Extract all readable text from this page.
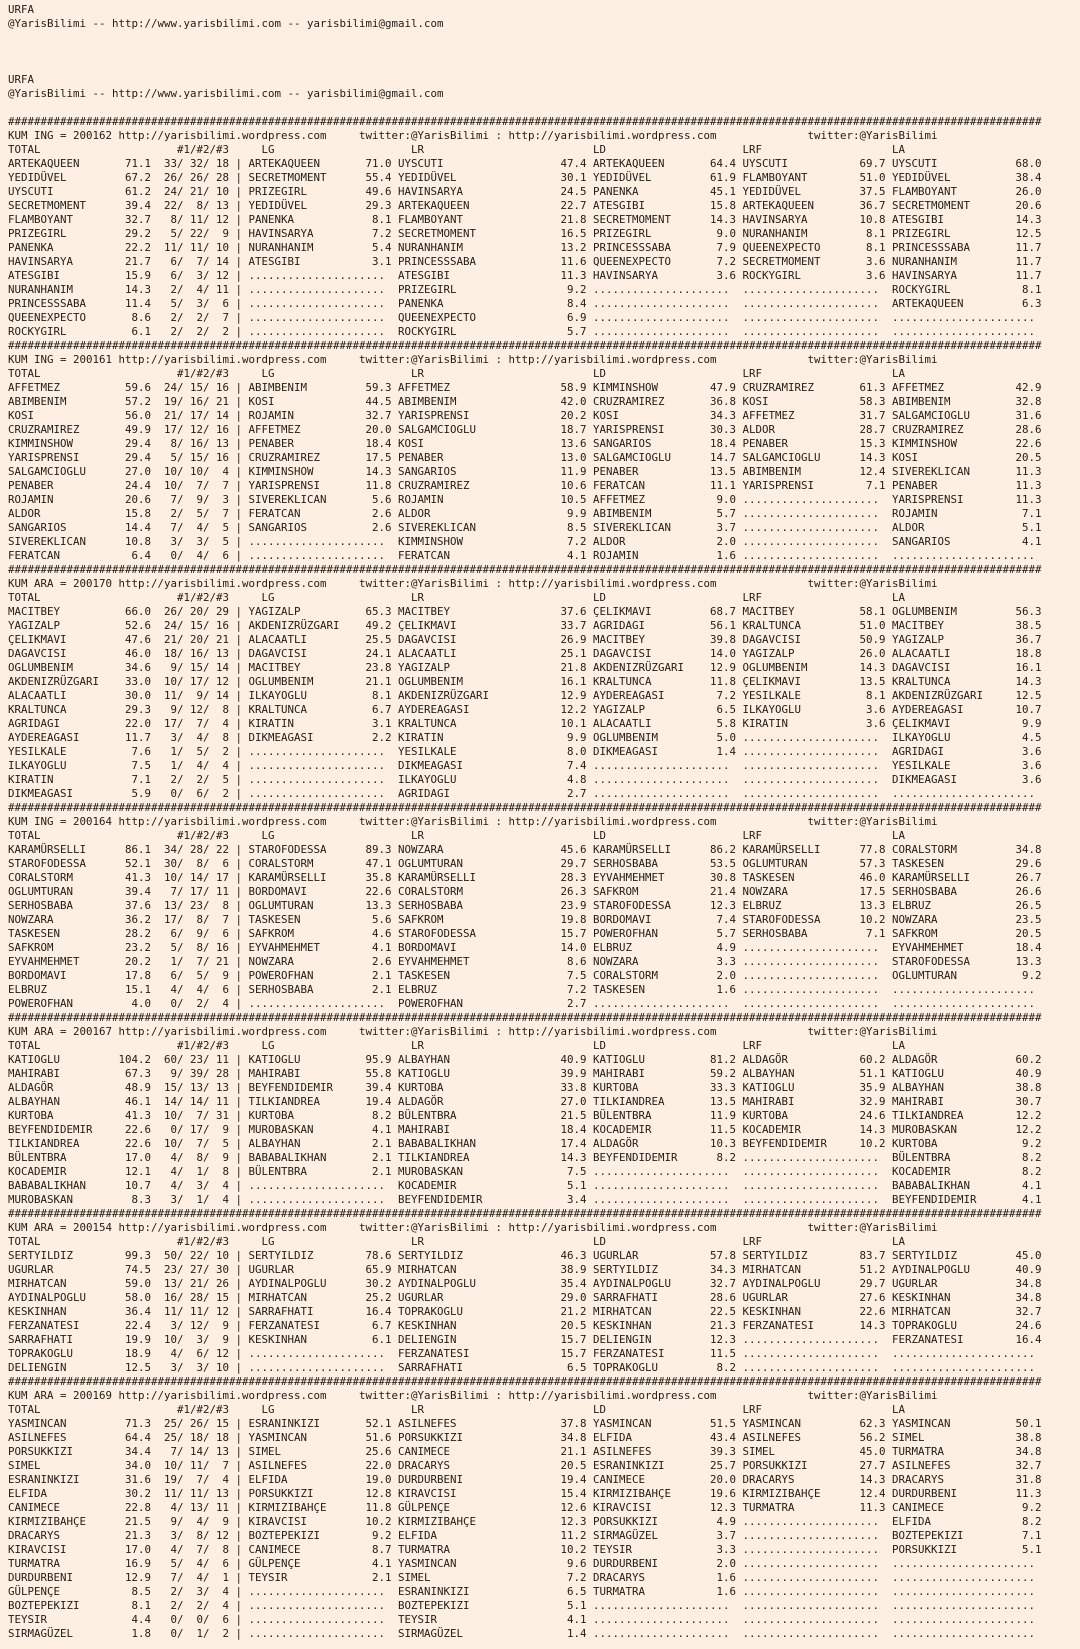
URFA
@YarisBilimi -- http://www.yarisbilimi.com -- yarisbilimi@gmail.com

URFA
@YarisBilimi -- http://www.yarisbilimi.com -- yarisbilimi@gmail.com

###############################################################################################################################################################
KUM ING = 200162 http://yarisbilimi.wordpress.com     twitter:@YarisBilimi : http://yarisbilimi.wordpress.com              twitter:@YarisBilimi
TOTAL                     #1/#2/#3     LG                     LR                          LD                     LRF                    LA
ARTEKAQUEEN       71.1  33/ 32/ 18 | ARTEKAQUEEN       71.0 UYSCUTI                  47.4 ARTEKAQUEEN       64.4 UYSCUTI           69.7 UYSCUTI            68.0
YEDIDÜVEL         67.2  26/ 26/ 28 | SECRETMOMENT      55.4 YEDIDÜVEL                30.1 YEDIDÜVEL         61.9 FLAMBOYANT        51.0 YEDIDÜVEL          38.4
UYSCUTI           61.2  24/ 21/ 10 | PRIZEGIRL         49.6 HAVINSARYA               24.5 PANENKA           45.1 YEDIDÜVEL         37.5 FLAMBOYANT         26.0
SECRETMOMENT      39.4  22/  8/ 13 | YEDIDÜVEL         29.3 ARTEKAQUEEN              22.7 ATESGIBI          15.8 ARTEKAQUEEN       36.7 SECRETMOMENT       20.6
FLAMBOYANT        32.7   8/ 11/ 12 | PANENKA            8.1 FLAMBOYANT               21.8 SECRETMOMENT      14.3 HAVINSARYA        10.8 ATESGIBI           14.3
PRIZEGIRL         29.2   5/ 22/  9 | HAVINSARYA         7.2 SECRETMOMENT             16.5 PRIZEGIRL          9.0 NURANHANIM         8.1 PRIZEGIRL          12.5
PANENKA           22.2  11/ 11/ 10 | NURANHANIM         5.4 NURANHANIM               13.2 PRINCESSSABA       7.9 QUEENEXPECTO       8.1 PRINCESSSABA       11.7
HAVINSARYA        21.7   6/  7/ 14 | ATESGIBI           3.1 PRINCESSSABA             11.6 QUEENEXPECTO       7.2 SECRETMOMENT       3.6 NURANHANIM         11.7
ATESGIBI          15.9   6/  3/ 12 | .....................  ATESGIBI                 11.3 HAVINSARYA         3.6 ROCKYGIRL          3.6 HAVINSARYA         11.7
NURANHANIM        14.3   2/  4/ 11 | .....................  PRIZEGIRL                 9.2 .....................  .....................  ROCKYGIRL           8.1
PRINCESSSABA      11.4   5/  3/  6 | .....................  PANENKA                   8.4 .....................  .....................  ARTEKAQUEEN         6.3
QUEENEXPECTO       8.6   2/  2/  7 | .....................  QUEENEXPECTO              6.9 .....................  .....................  ......................
ROCKYGIRL          6.1   2/  2/  2 | .....................  ROCKYGIRL                 5.7 .....................  .....................  ......................
###############################################################################################################################################################
KUM ING = 200161 http://yarisbilimi.wordpress.com     twitter:@YarisBilimi : http://yarisbilimi.wordpress.com              twitter:@YarisBilimi
TOTAL                     #1/#2/#3     LG                     LR                          LD                     LRF                    LA
AFFETMEZ          59.6  24/ 15/ 16 | ABIMBENIM         59.3 AFFETMEZ                 58.9 KIMMINSHOW        47.9 CRUZRAMIREZ       61.3 AFFETMEZ           42.9
ABIMBENIM         57.2  19/ 16/ 21 | KOSI              44.5 ABIMBENIM                42.0 CRUZRAMIREZ       36.8 KOSI              58.3 ABIMBENIM          32.8
KOSI              56.0  21/ 17/ 14 | ROJAMIN           32.7 YARISPRENSI              20.2 KOSI              34.3 AFFETMEZ          31.7 SALGAMCIOGLU       31.6
CRUZRAMIREZ       49.9  17/ 12/ 16 | AFFETMEZ          20.0 SALGAMCIOGLU             18.7 YARISPRENSI       30.3 ALDOR             28.7 CRUZRAMIREZ        28.6
KIMMINSHOW        29.4   8/ 16/ 13 | PENABER           18.4 KOSI                     13.6 SANGARIOS         18.4 PENABER           15.3 KIMMINSHOW         22.6
YARISPRENSI       29.4   5/ 15/ 16 | CRUZRAMIREZ       17.5 PENABER                  13.0 SALGAMCIOGLU      14.7 SALGAMCIOGLU      14.3 KOSI               20.5
SALGAMCIOGLU      27.0  10/ 10/  4 | KIMMINSHOW        14.3 SANGARIOS                11.9 PENABER           13.5 ABIMBENIM         12.4 SIVEREKLICAN       11.3
PENABER           24.4  10/  7/  7 | YARISPRENSI       11.8 CRUZRAMIREZ              10.6 FERATCAN          11.1 YARISPRENSI        7.1 PENABER            11.3
ROJAMIN           20.6   7/  9/  3 | SIVEREKLICAN       5.6 ROJAMIN                  10.5 AFFETMEZ           9.0 .....................  YARISPRENSI        11.3
ALDOR             15.8   2/  5/  7 | FERATCAN           2.6 ALDOR                     9.9 ABIMBENIM          5.7 .....................  ROJAMIN             7.1
SANGARIOS         14.4   7/  4/  5 | SANGARIOS          2.6 SIVEREKLICAN              8.5 SIVEREKLICAN       3.7 .....................  ALDOR               5.1
SIVEREKLICAN      10.8   3/  3/  5 | .....................  KIMMINSHOW                7.2 ALDOR              2.0 .....................  SANGARIOS           4.1
FERATCAN           6.4   0/  4/  6 | .....................  FERATCAN                  4.1 ROJAMIN            1.6 .....................  ......................
###############################################################################################################################################################
KUM ARA = 200170 http://yarisbilimi.wordpress.com     twitter:@YarisBilimi : http://yarisbilimi.wordpress.com              twitter:@YarisBilimi
TOTAL                     #1/#2/#3     LG                     LR                          LD                     LRF                    LA
MACITBEY          66.0  26/ 20/ 29 | YAGIZALP          65.3 MACITBEY                 37.6 ÇELIKMAVI         68.7 MACITBEY          58.1 OGLUMBENIM         56.3
YAGIZALP          52.6  24/ 15/ 16 | AKDENIZRÜZGARI    49.2 ÇELIKMAVI                33.7 AGRIDAGI          56.1 KRALTUNCA         51.0 MACITBEY           38.5
ÇELIKMAVI         47.6  21/ 20/ 21 | ALACAATLI         25.5 DAGAVCISI                26.9 MACITBEY          39.8 DAGAVCISI         50.9 YAGIZALP           36.7
DAGAVCISI         46.0  18/ 16/ 13 | DAGAVCISI         24.1 ALACAATLI                25.1 DAGAVCISI         14.0 YAGIZALP          26.0 ALACAATLI          18.8
OGLUMBENIM        34.6   9/ 15/ 14 | MACITBEY          23.8 YAGIZALP                 21.8 AKDENIZRÜZGARI    12.9 OGLUMBENIM        14.3 DAGAVCISI          16.1
AKDENIZRÜZGARI    33.0  10/ 17/ 12 | OGLUMBENIM        21.1 OGLUMBENIM               16.1 KRALTUNCA         11.8 ÇELIKMAVI         13.5 KRALTUNCA          14.3
ALACAATLI         30.0  11/  9/ 14 | ILKAYOGLU          8.1 AKDENIZRÜZGARI           12.9 AYDEREAGASI        7.2 YESILKALE          8.1 AKDENIZRÜZGARI     12.5
KRALTUNCA         29.3   9/ 12/  8 | KRALTUNCA          6.7 AYDEREAGASI              12.2 YAGIZALP           6.5 ILKAYOGLU          3.6 AYDEREAGASI        10.7
AGRIDAGI          22.0  17/  7/  4 | KIRATIN            3.1 KRALTUNCA                10.1 ALACAATLI          5.8 KIRATIN            3.6 ÇELIKMAVI           9.9
AYDEREAGASI       11.7   3/  4/  8 | DIKMEAGASI         2.2 KIRATIN                   9.9 OGLUMBENIM         5.0 .....................  ILKAYOGLU           4.5
YESILKALE          7.6   1/  5/  2 | .....................  YESILKALE                 8.0 DIKMEAGASI         1.4 .....................  AGRIDAGI            3.6
ILKAYOGLU          7.5   1/  4/  4 | .....................  DIKMEAGASI                7.4 .....................  .....................  YESILKALE           3.6
KIRATIN            7.1   2/  2/  5 | .....................  ILKAYOGLU                 4.8 .....................  .....................  DIKMEAGASI          3.6
DIKMEAGASI         5.9   0/  6/  2 | .....................  AGRIDAGI                  2.7 .....................  .....................  ......................
###############################################################################################################################################################
KUM ING = 200164 http://yarisbilimi.wordpress.com     twitter:@YarisBilimi : http://yarisbilimi.wordpress.com              twitter:@YarisBilimi
TOTAL                     #1/#2/#3     LG                     LR                          LD                     LRF                    LA
KARAMÜRSELLI      86.1  34/ 28/ 22 | STAROFODESSA      89.3 NOWZARA                  45.6 KARAMÜRSELLI      86.2 KARAMÜRSELLI      77.8 CORALSTORM         34.8
STAROFODESSA      52.1  30/  8/  6 | CORALSTORM        47.1 OGLUMTURAN               29.7 SERHOSBABA        53.5 OGLUMTURAN        57.3 TASKESEN           29.6
CORALSTORM        41.3  10/ 14/ 17 | KARAMÜRSELLI      35.8 KARAMÜRSELLI             28.3 EYVAHMEHMET       30.8 TASKESEN          46.0 KARAMÜRSELLI       26.7
OGLUMTURAN        39.4   7/ 17/ 11 | BORDOMAVI         22.6 CORALSTORM               26.3 SAFKROM           21.4 NOWZARA           17.5 SERHOSBABA         26.6
SERHOSBABA        37.6  13/ 23/  8 | OGLUMTURAN        13.3 SERHOSBABA               23.9 STAROFODESSA      12.3 ELBRUZ            13.3 ELBRUZ             26.5
NOWZARA           36.2  17/  8/  7 | TASKESEN           5.6 SAFKROM                  19.8 BORDOMAVI          7.4 STAROFODESSA      10.2 NOWZARA            23.5
TASKESEN          28.2   6/  9/  6 | SAFKROM            4.6 STAROFODESSA             15.7 POWEROFHAN         5.7 SERHOSBABA         7.1 SAFKROM            20.5
SAFKROM           23.2   5/  8/ 16 | EYVAHMEHMET        4.1 BORDOMAVI                14.0 ELBRUZ             4.9 .....................  EYVAHMEHMET        18.4
EYVAHMEHMET       20.2   1/  7/ 21 | NOWZARA            2.6 EYVAHMEHMET               8.6 NOWZARA            3.3 .....................  STAROFODESSA       13.3
BORDOMAVI         17.8   6/  5/  9 | POWEROFHAN         2.1 TASKESEN                  7.5 CORALSTORM         2.0 .....................  OGLUMTURAN          9.2
ELBRUZ            15.1   4/  4/  6 | SERHOSBABA         2.1 ELBRUZ                    7.2 TASKESEN           1.6 .....................  ......................
POWEROFHAN         4.0   0/  2/  4 | .....................  POWEROFHAN                2.7 .....................  .....................  ......................
###############################################################################################################################################################
KUM ARA = 200167 http://yarisbilimi.wordpress.com     twitter:@YarisBilimi : http://yarisbilimi.wordpress.com              twitter:@YarisBilimi
TOTAL                     #1/#2/#3     LG                     LR                          LD                     LRF                    LA
KATIOGLU         104.2  60/ 23/ 11 | KATIOGLU          95.9 ALBAYHAN                 40.9 KATIOGLU          81.2 ALDAGÖR           60.2 ALDAGÖR            60.2
MAHIRABI          67.3   9/ 39/ 28 | MAHIRABI          55.8 KATIOGLU                 39.9 MAHIRABI          59.2 ALBAYHAN          51.1 KATIOGLU           40.9
ALDAGÖR           48.9  15/ 13/ 13 | BEYFENDIDEMIR     39.4 KURTOBA                  33.8 KURTOBA           33.3 KATIOGLU          35.9 ALBAYHAN           38.8
ALBAYHAN          46.1  14/ 14/ 11 | TILKIANDREA       19.4 ALDAGÖR                  27.0 TILKIANDREA       13.5 MAHIRABI          32.9 MAHIRABI           30.7
KURTOBA           41.3  10/  7/ 31 | KURTOBA            8.2 BÜLENTBRA                21.5 BÜLENTBRA         11.9 KURTOBA           24.6 TILKIANDREA        12.2
BEYFENDIDEMIR     22.6   0/ 17/  9 | MUROBASKAN         4.1 MAHIRABI                 18.4 KOCADEMIR         11.5 KOCADEMIR         14.3 MUROBASKAN         12.2
TILKIANDREA       22.6  10/  7/  5 | ALBAYHAN           2.1 BABABALIKHAN             17.4 ALDAGÖR           10.3 BEYFENDIDEMIR     10.2 KURTOBA             9.2
BÜLENTBRA         17.0   4/  8/  9 | BABABALIKHAN       2.1 TILKIANDREA              14.3 BEYFENDIDEMIR      8.2 .....................  BÜLENTBRA           8.2
KOCADEMIR         12.1   4/  1/  8 | BÜLENTBRA          2.1 MUROBASKAN                7.5 .....................  .....................  KOCADEMIR           8.2
BABABALIKHAN      10.7   4/  3/  4 | .....................  KOCADEMIR                 5.1 .....................  .....................  BABABALIKHAN        4.1
MUROBASKAN         8.3   3/  1/  4 | .....................  BEYFENDIDEMIR             3.4 .....................  .....................  BEYFENDIDEMIR       4.1
###############################################################################################################################################################
KUM ARA = 200154 http://yarisbilimi.wordpress.com     twitter:@YarisBilimi : http://yarisbilimi.wordpress.com              twitter:@YarisBilimi
TOTAL                     #1/#2/#3     LG                     LR                          LD                     LRF                    LA
SERTYILDIZ        99.3  50/ 22/ 10 | SERTYILDIZ        78.6 SERTYILDIZ               46.3 UGURLAR           57.8 SERTYILDIZ        83.7 SERTYILDIZ         45.0
UGURLAR           74.5  23/ 27/ 30 | UGURLAR           65.9 MIRHATCAN                38.9 SERTYILDIZ        34.3 MIRHATCAN         51.2 AYDINALPOGLU       40.9
MIRHATCAN         59.0  13/ 21/ 26 | AYDINALPOGLU      30.2 AYDINALPOGLU             35.4 AYDINALPOGLU      32.7 AYDINALPOGLU      29.7 UGURLAR            34.8
AYDINALPOGLU      58.0  16/ 28/ 15 | MIRHATCAN         25.2 UGURLAR                  29.0 SARRAFHATI        28.6 UGURLAR           27.6 KESKINHAN          34.8
KESKINHAN         36.4  11/ 11/ 12 | SARRAFHATI        16.4 TOPRAKOGLU               21.2 MIRHATCAN         22.5 KESKINHAN         22.6 MIRHATCAN          32.7
FERZANATESI       22.4   3/ 12/  9 | FERZANATESI        6.7 KESKINHAN                20.5 KESKINHAN         21.3 FERZANATESI       14.3 TOPRAKOGLU         24.6
SARRAFHATI        19.9  10/  3/  9 | KESKINHAN          6.1 DELIENGIN                15.7 DELIENGIN         12.3 .....................  FERZANATESI        16.4
TOPRAKOGLU        18.9   4/  6/ 12 | .....................  FERZANATESI              15.7 FERZANATESI       11.5 .....................  ......................
DELIENGIN         12.5   3/  3/ 10 | .....................  SARRAFHATI                6.5 TOPRAKOGLU         8.2 .....................  ......................
###############################################################################################################################################################
KUM ARA = 200169 http://yarisbilimi.wordpress.com     twitter:@YarisBilimi : http://yarisbilimi.wordpress.com              twitter:@YarisBilimi
TOTAL                     #1/#2/#3     LG                     LR                          LD                     LRF                    LA
YASMINCAN         71.3  25/ 26/ 15 | ESRANINKIZI       52.1 ASILNEFES                37.8 YASMINCAN         51.5 YASMINCAN         62.3 YASMINCAN          50.1
ASILNEFES         64.4  25/ 18/ 18 | YASMINCAN         51.6 PORSUKKIZI               34.8 ELFIDA            43.4 ASILNEFES         56.2 SIMEL              38.8
PORSUKKIZI        34.4   7/ 14/ 13 | SIMEL             25.6 CANIMECE                 21.1 ASILNEFES         39.3 SIMEL             45.0 TURMATRA           34.8
SIMEL             34.0  10/ 11/  7 | ASILNEFES         22.0 DRACARYS                 20.5 ESRANINKIZI       25.7 PORSUKKIZI        27.7 ASILNEFES          32.7
ESRANINKIZI       31.6  19/  7/  4 | ELFIDA            19.0 DURDURBENI               19.4 CANIMECE          20.0 DRACARYS          14.3 DRACARYS           31.8
ELFIDA            30.2  11/ 11/ 13 | PORSUKKIZI        12.8 KIRAVCISI                15.4 KIRMIZIBAHÇE      19.6 KIRMIZIBAHÇE      12.4 DURDURBENI         11.3
CANIMECE          22.8   4/ 13/ 11 | KIRMIZIBAHÇE      11.8 GÜLPENÇE                 12.6 KIRAVCISI         12.3 TURMATRA          11.3 CANIMECE            9.2
KIRMIZIBAHÇE      21.5   9/  4/  9 | KIRAVCISI         10.2 KIRMIZIBAHÇE             12.3 PORSUKKIZI         4.9 .....................  ELFIDA              8.2
DRACARYS          21.3   3/  8/ 12 | BOZTEPEKIZI        9.2 ELFIDA                   11.2 SIRMAGÜZEL         3.7 .....................  BOZTEPEKIZI         7.1
KIRAVCISI         17.0   4/  7/  8 | CANIMECE           8.7 TURMATRA                 10.2 TEYSIR             3.3 .....................  PORSUKKIZI          5.1
TURMATRA          16.9   5/  4/  6 | GÜLPENÇE           4.1 YASMINCAN                 9.6 DURDURBENI         2.0 .....................  ......................
DURDURBENI        12.9   7/  4/  1 | TEYSIR             2.1 SIMEL                     7.2 DRACARYS           1.6 .....................  ......................
GÜLPENÇE           8.5   2/  3/  4 | .....................  ESRANINKIZI               6.5 TURMATRA           1.6 .....................  ......................
BOZTEPEKIZI        8.1   2/  2/  4 | .....................  BOZTEPEKIZI               5.1 .....................  .....................  ......................
TEYSIR             4.4   0/  0/  6 | .....................  TEYSIR                    4.1 .....................  .....................  ......................
SIRMAGÜZEL         1.8   0/  1/  2 | .....................  SIRMAGÜZEL                1.4 .....................  .....................  ......................
